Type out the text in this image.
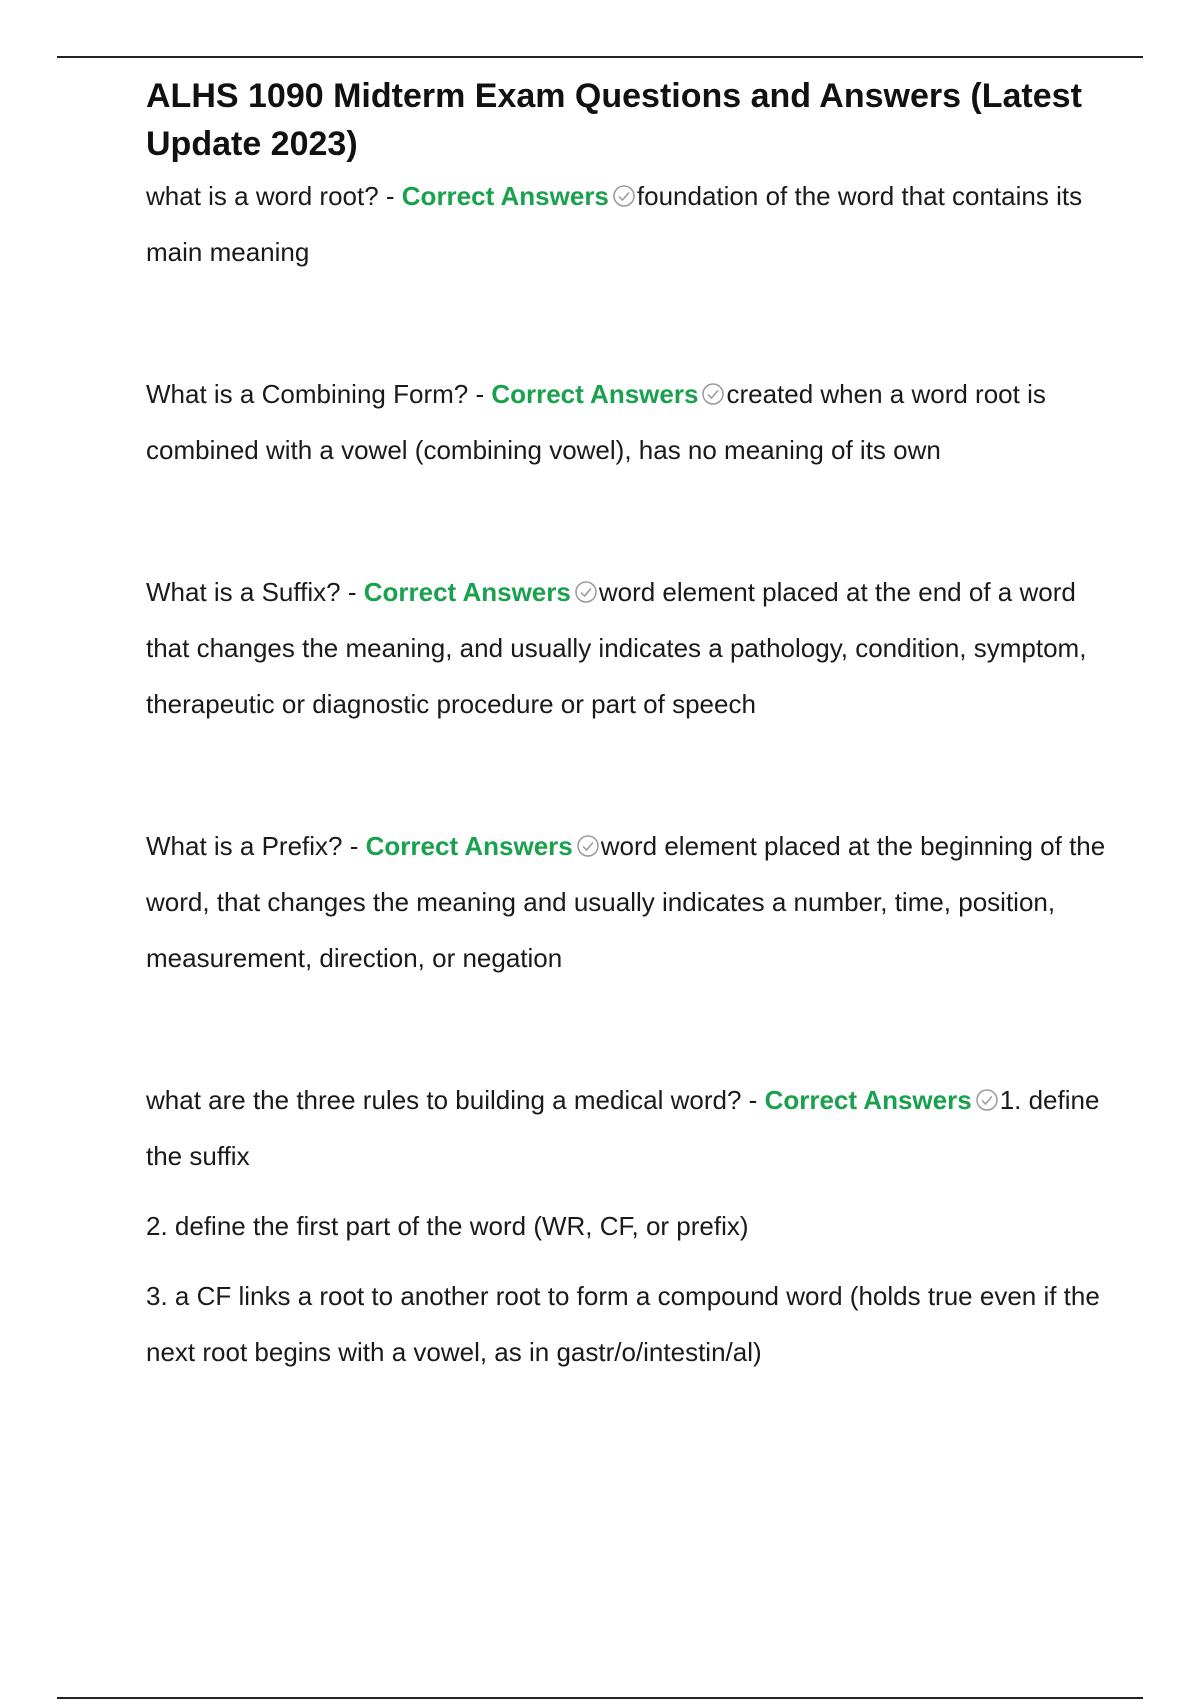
ALHS 1090 Midterm Exam Questions and Answers (Latest Update 2023)

what is a word root? - Correct Answers foundation of the word that contains its main meaning

What is a Combining Form? - Correct Answers created when a word root is combined with a vowel (combining vowel), has no meaning of its own

What is a Suffix? - Correct Answers word element placed at the end of a word that changes the meaning, and usually indicates a pathology, condition, symptom, therapeutic or diagnostic procedure or part of speech

What is a Prefix? - Correct Answers word element placed at the beginning of the word, that changes the meaning and usually indicates a number, time, position, measurement, direction, or negation

what are the three rules to building a medical word? - Correct Answers 1. define the suffix

2. define the first part of the word (WR, CF, or prefix)

3. a CF links a root to another root to form a compound word (holds true even if the next root begins with a vowel, as in gastr/o/intestin/al)
